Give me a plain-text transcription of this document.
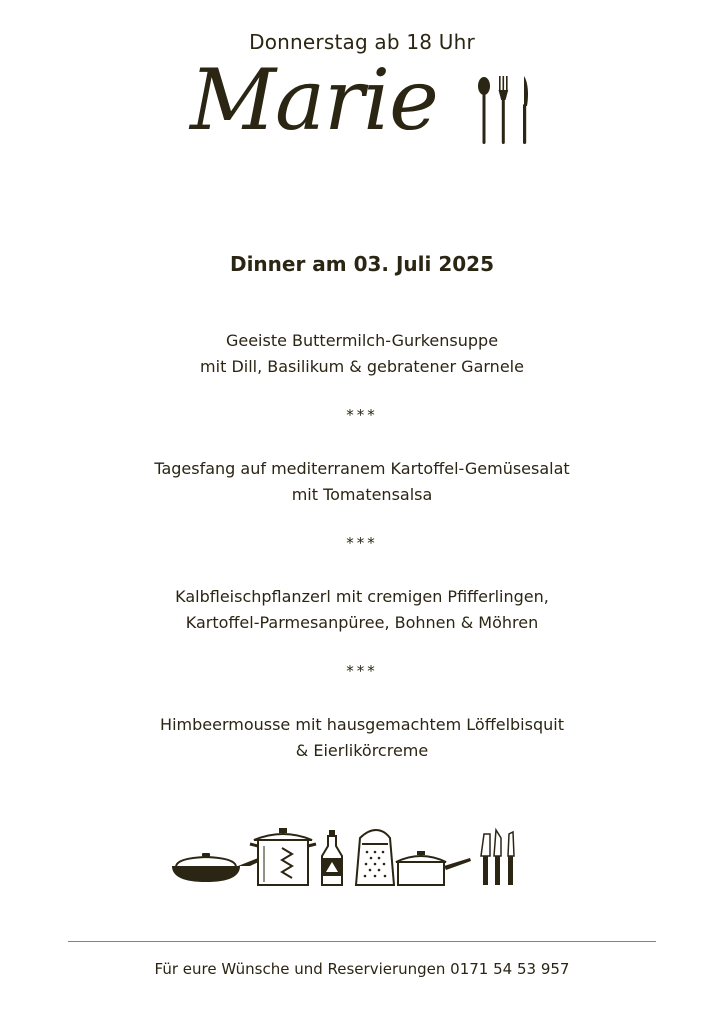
Donnerstag ab 18 Uhr
Marie
Dinner am 03. Juli 2025
Geeiste Buttermilch-Gurkensuppe
mit Dill, Basilikum & gebratener Garnele
***
Tagesfang auf mediterranem Kartoffel-Gemüsesalat
mit Tomatensalsa
***
Kalbfleischpflanzerl mit cremigen Pfifferlingen,
Kartoffel-Parmesanpüree, Bohnen & Möhren
***
Himbeermousse mit hausgemachtem Löffelbisquit
& Eierlikörcreme
Für eure Wünsche und Reservierungen 0171 54 53 957
